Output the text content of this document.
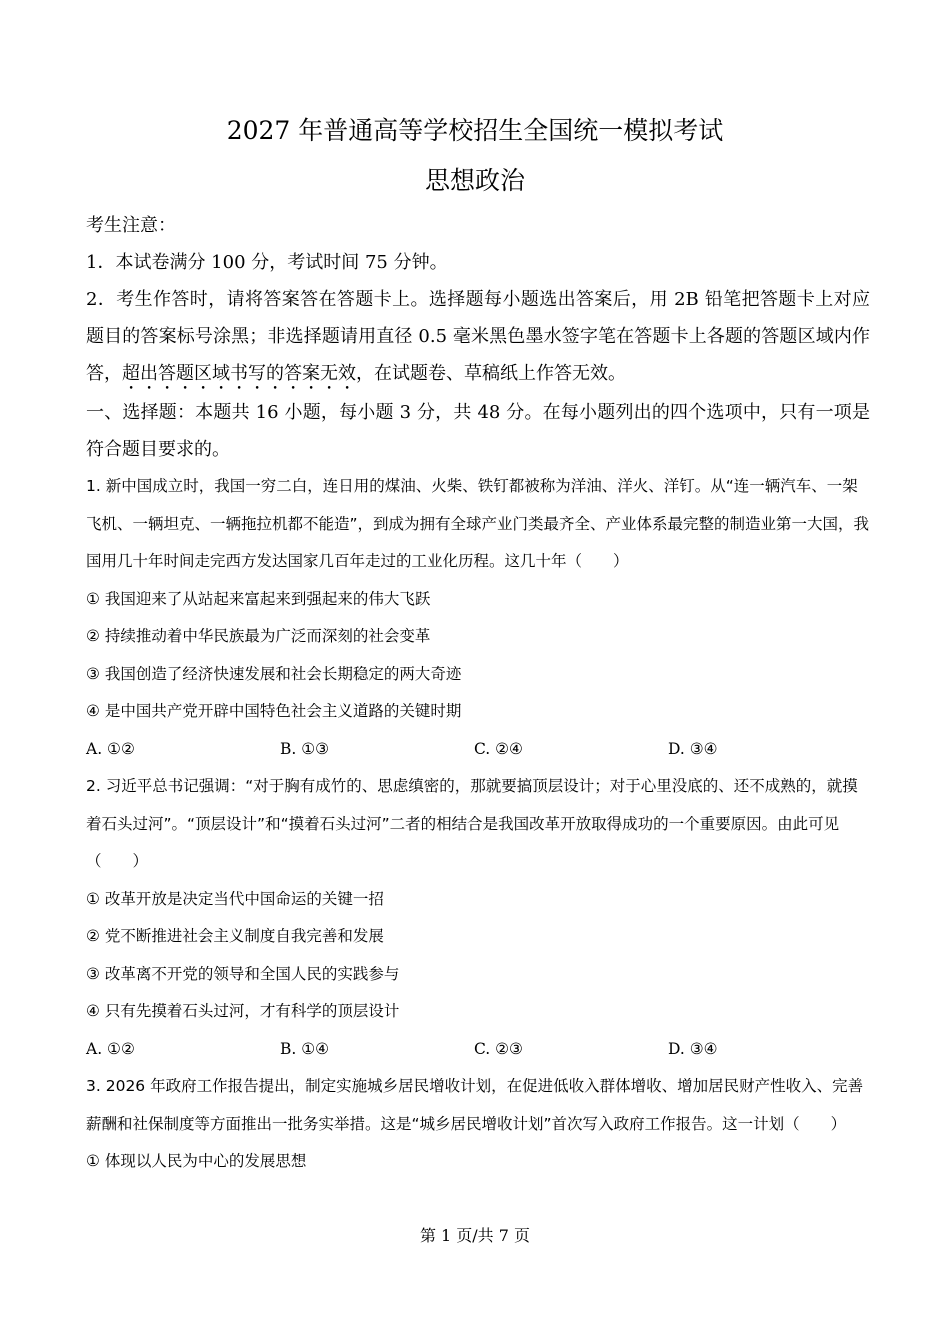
2027 年普通高等学校招生全国统一模拟考试
思想政治

考生注意：

1．本试卷满分 100 分，考试时间 75 分钟。

2．考生作答时，请将答案答在答题卡上。选择题每小题选出答案后，用 2B 铅笔把答题卡上对应题目的答案标号涂黑；非选择题请用直径 0.5 毫米黑色墨水签字笔在答题卡上各题的答题区域内作答，超出答题区域书写的答案无效，在试题卷、草稿纸上作答无效。

一、选择题：本题共 16 小题，每小题 3 分，共 48 分。在每小题列出的四个选项中，只有一项是符合题目要求的。

1. 新中国成立时，我国一穷二白，连日用的煤油、火柴、铁钉都被称为洋油、洋火、洋钉。从“连一辆汽车、一架飞机、一辆坦克、一辆拖拉机都不能造”，到成为拥有全球产业门类最齐全、产业体系最完整的制造业第一大国，我国用几十年时间走完西方发达国家几百年走过的工业化历程。这几十年（　　）

① 我国迎来了从站起来富起来到强起来的伟大飞跃

② 持续推动着中华民族最为广泛而深刻的社会变革

③ 我国创造了经济快速发展和社会长期稳定的两大奇迹

④ 是中国共产党开辟中国特色社会主义道路的关键时期

A. ①②	B. ①③	C. ②④	D. ③④

2. 习近平总书记强调：“对于胸有成竹的、思虑缜密的，那就要搞顶层设计；对于心里没底的、还不成熟的，就摸着石头过河”。“顶层设计”和“摸着石头过河”二者的相结合是我国改革开放取得成功的一个重要原因。由此可见（　　）

① 改革开放是决定当代中国命运的关键一招

② 党不断推进社会主义制度自我完善和发展

③ 改革离不开党的领导和全国人民的实践参与

④ 只有先摸着石头过河，才有科学的顶层设计

A. ①②	B. ①④	C. ②③	D. ③④

3. 2026 年政府工作报告提出，制定实施城乡居民增收计划，在促进低收入群体增收、增加居民财产性收入、完善薪酬和社保制度等方面推出一批务实举措。这是“城乡居民增收计划”首次写入政府工作报告。这一计划（　　）

① 体现以人民为中心的发展思想

第 1 页/共 7 页
